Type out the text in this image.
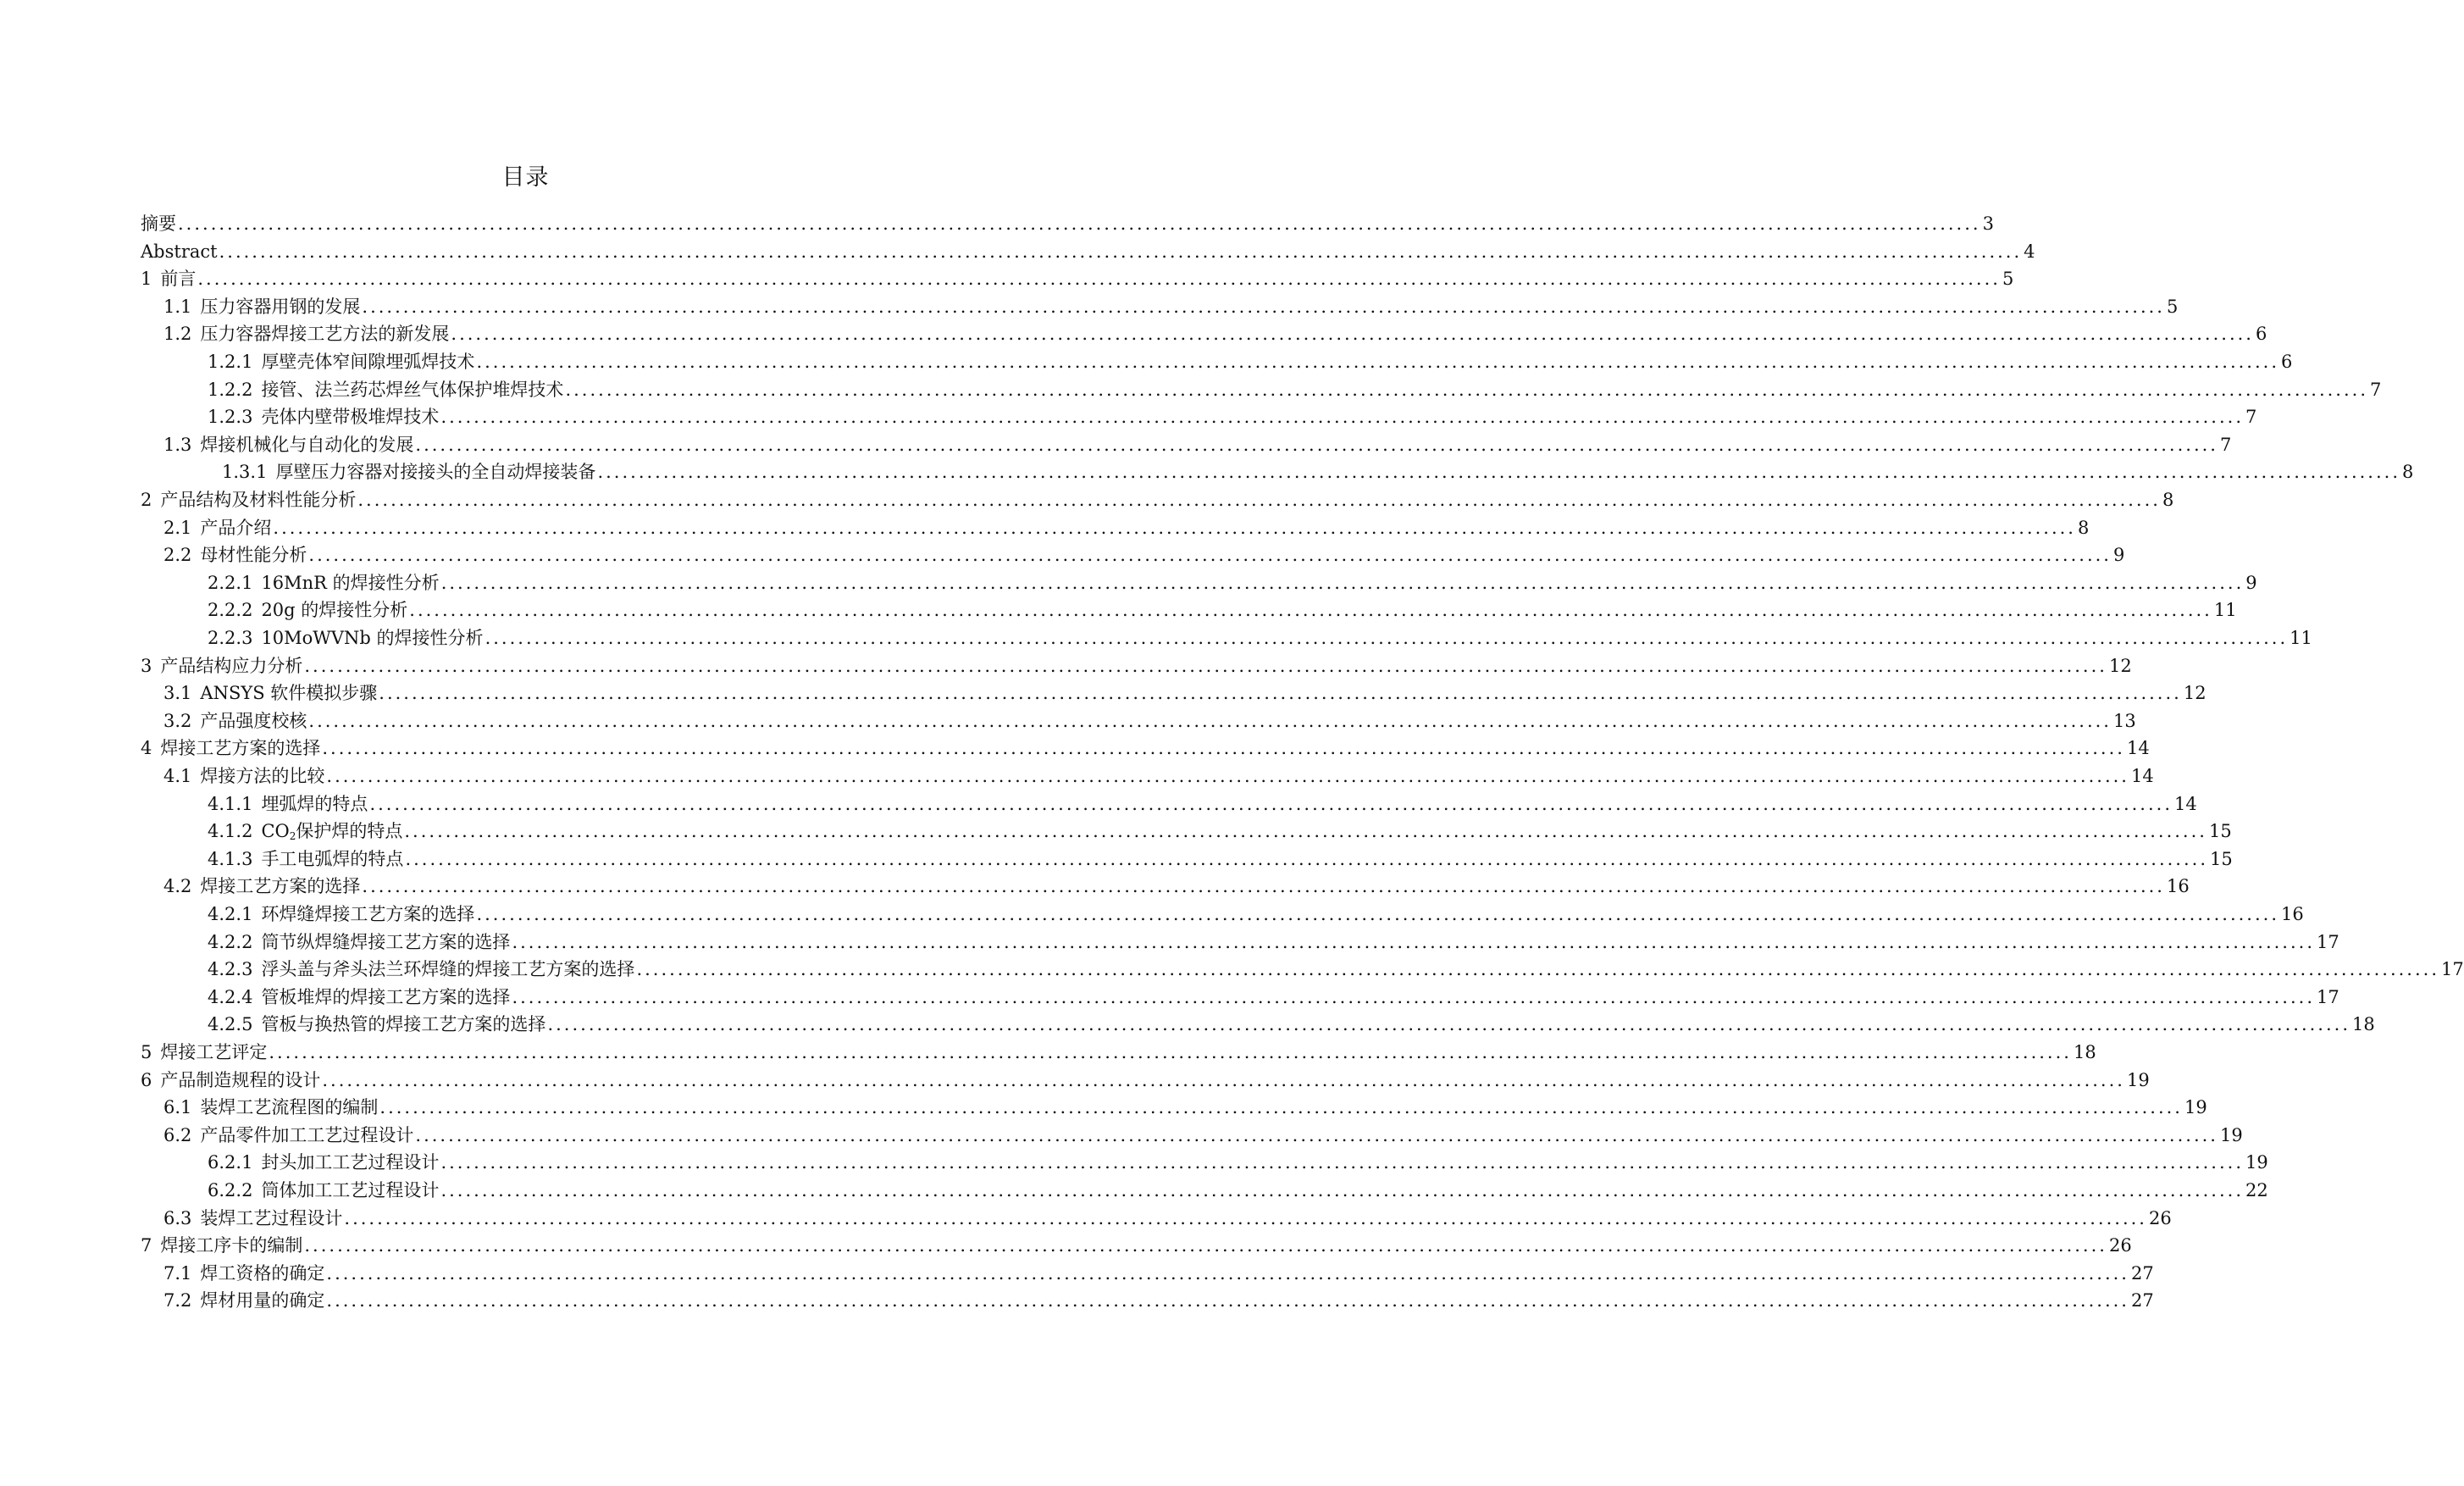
目录
摘要 ............................................................................................................................................................................................................................ 3
Abstract ............................................................................................................................................................................................................................ 4
1 前言 ............................................................................................................................................................................................................................ 5
1.1 压力容器用钢的发展 ............................................................................................................................................................................................................................ 5
1.2 压力容器焊接工艺方法的新发展 ............................................................................................................................................................................................................................ 6
1.2.1 厚壁壳体窄间隙埋弧焊技术 ............................................................................................................................................................................................................................ 6
1.2.2 接管、法兰药芯焊丝气体保护堆焊技术 ............................................................................................................................................................................................................................ 7
1.2.3 壳体内壁带极堆焊技术 ............................................................................................................................................................................................................................ 7
1.3 焊接机械化与自动化的发展 ............................................................................................................................................................................................................................ 7
1.3.1 厚壁压力容器对接接头的全自动焊接装备 ............................................................................................................................................................................................................................ 8
2 产品结构及材料性能分析 ............................................................................................................................................................................................................................ 8
2.1 产品介绍 ............................................................................................................................................................................................................................ 8
2.2 母材性能分析 ............................................................................................................................................................................................................................ 9
2.2.1 16MnR 的焊接性分析 ............................................................................................................................................................................................................................ 9
2.2.2 20g 的焊接性分析 ............................................................................................................................................................................................................................ 11
2.2.3 10MoWVNb 的焊接性分析 ............................................................................................................................................................................................................................ 11
3 产品结构应力分析 ............................................................................................................................................................................................................................ 12
3.1 ANSYS 软件模拟步骤 ............................................................................................................................................................................................................................ 12
3.2 产品强度校核 ............................................................................................................................................................................................................................ 13
4 焊接工艺方案的选择 ............................................................................................................................................................................................................................ 14
4.1 焊接方法的比较 ............................................................................................................................................................................................................................ 14
4.1.1 埋弧焊的特点 ............................................................................................................................................................................................................................ 14
4.1.2 $CO_2$保护焊的特点 ............................................................................................................................................................................................................................ 15
4.1.3 手工电弧焊的特点 ............................................................................................................................................................................................................................ 15
4.2 焊接工艺方案的选择 ............................................................................................................................................................................................................................ 16
4.2.1 环焊缝焊接工艺方案的选择 ............................................................................................................................................................................................................................ 16
4.2.2 筒节纵焊缝焊接工艺方案的选择 ............................................................................................................................................................................................................................ 17
4.2.3 浮头盖与斧头法兰环焊缝的焊接工艺方案的选择 ............................................................................................................................................................................................................................ 17
4.2.4 管板堆焊的焊接工艺方案的选择 ............................................................................................................................................................................................................................ 17
4.2.5 管板与换热管的焊接工艺方案的选择 ............................................................................................................................................................................................................................ 18
5 焊接工艺评定 ............................................................................................................................................................................................................................ 18
6 产品制造规程的设计 ............................................................................................................................................................................................................................ 19
6.1 装焊工艺流程图的编制 ............................................................................................................................................................................................................................ 19
6.2 产品零件加工工艺过程设计 ............................................................................................................................................................................................................................ 19
6.2.1 封头加工工艺过程设计 ............................................................................................................................................................................................................................ 19
6.2.2 筒体加工工艺过程设计 ............................................................................................................................................................................................................................ 22
6.3 装焊工艺过程设计 ............................................................................................................................................................................................................................ 26
7 焊接工序卡的编制 ............................................................................................................................................................................................................................ 26
7.1 焊工资格的确定 ............................................................................................................................................................................................................................ 27
7.2 焊材用量的确定 ............................................................................................................................................................................................................................ 27
